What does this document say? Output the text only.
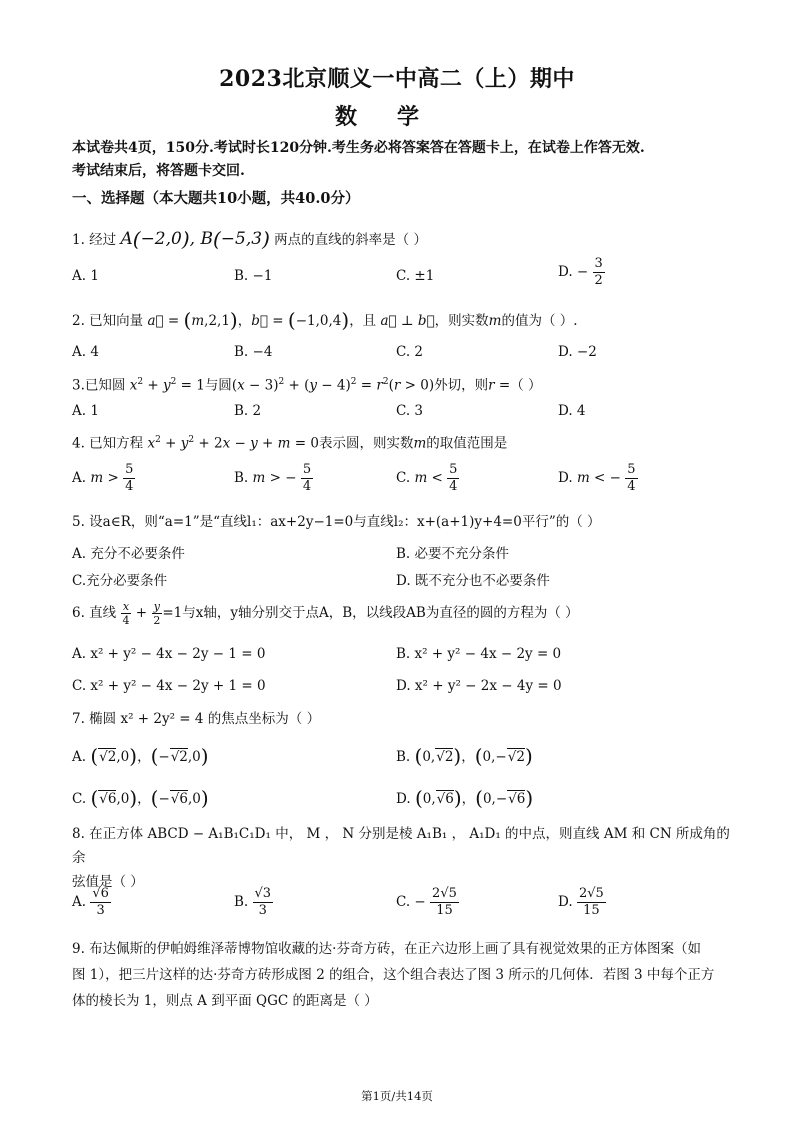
2023北京顺义一中高二（上）期中
数学
本试卷共4页，150分.考试时长120分钟.考生务必将答案答在答题卡上，在试卷上作答无效.
考试结束后，将答题卡交回.
一、选择题（本大题共10小题，共40.0分）
1. 经过 A(−2,0), B(−5,3) 两点的直线的斜率是（ ）
A. 1	B. −1	C. ±1	D. − $\frac{3}{2}$
2. 已知向量 a⃗ = (m,2,1)，b⃗ = (−1,0,4)，且 a⃗ ⊥ b⃗，则实数m的值为（ ）.
A. 4	B. −4	C. 2	D. −2
3.已知圆 $x^2 + y^2 = 1$与圆$(x - 3)^2 + (y - 4)^2 = r^2(r > 0)$外切，则r =（ ）
A. 1	B. 2	C. 3	D. 4
4. 已知方程 $x^2 + y^2 + 2x - y + m = 0$表示圆，则实数m的取值范围是
A. $m > \frac{5}{4}$	B. m > − $\frac{5}{4}$	C. $m < \frac{5}{4}$	D. m < − $\frac{5}{4}$
5. 设a∈R，则“a=1”是“直线l₁：ax+2y−1=0与直线l₂：x+(a+1)y+4=0平行”的（ ）
A. 充分不必要条件	B. 必要不充分条件
C.充分必要条件	D. 既不充分也不必要条件
6. 直线 $\frac{x}{4} + \frac{y}{2} =1$与x轴，y轴分别交于点A，B，以线段AB为直径的圆的方程为（ ）
A. x² + y² − 4x − 2y − 1 = 0	B. x² + y² − 4x − 2y = 0
C. x² + y² − 4x − 2y + 1 = 0	D. x² + y² − 2x − 4y = 0
7. 椭圆 x² + 2y² = 4 的焦点坐标为（ ）
A. (√2,0)，(−√2,0)	B. (0,√2)，(0,−√2)
C. (√6,0)，(−√6,0)	D. (0,√6)，(0,−√6)
8. 在正方体 ABCD − A₁B₁C₁D₁ 中， M ， N 分别是棱 A₁B₁ ， A₁D₁ 的中点，则直线 AM 和 CN 所成角的余
弦值是（ ）
A. $\frac{√6}{3}$	B. $\frac{√3}{3}$	C. − $\frac{2√5}{15}$	D. $\frac{2√5}{15}$
9. 布达佩斯的伊帕姆维泽蒂博物馆收藏的达·芬奇方砖，在正六边形上画了具有视觉效果的正方体图案（如
图 1），把三片这样的达·芬奇方砖形成图 2 的组合，这个组合表达了图 3 所示的几何体．若图 3 中每个正方
体的棱长为 1，则点 A 到平面 QGC 的距离是（ ）
第1页/共14页
